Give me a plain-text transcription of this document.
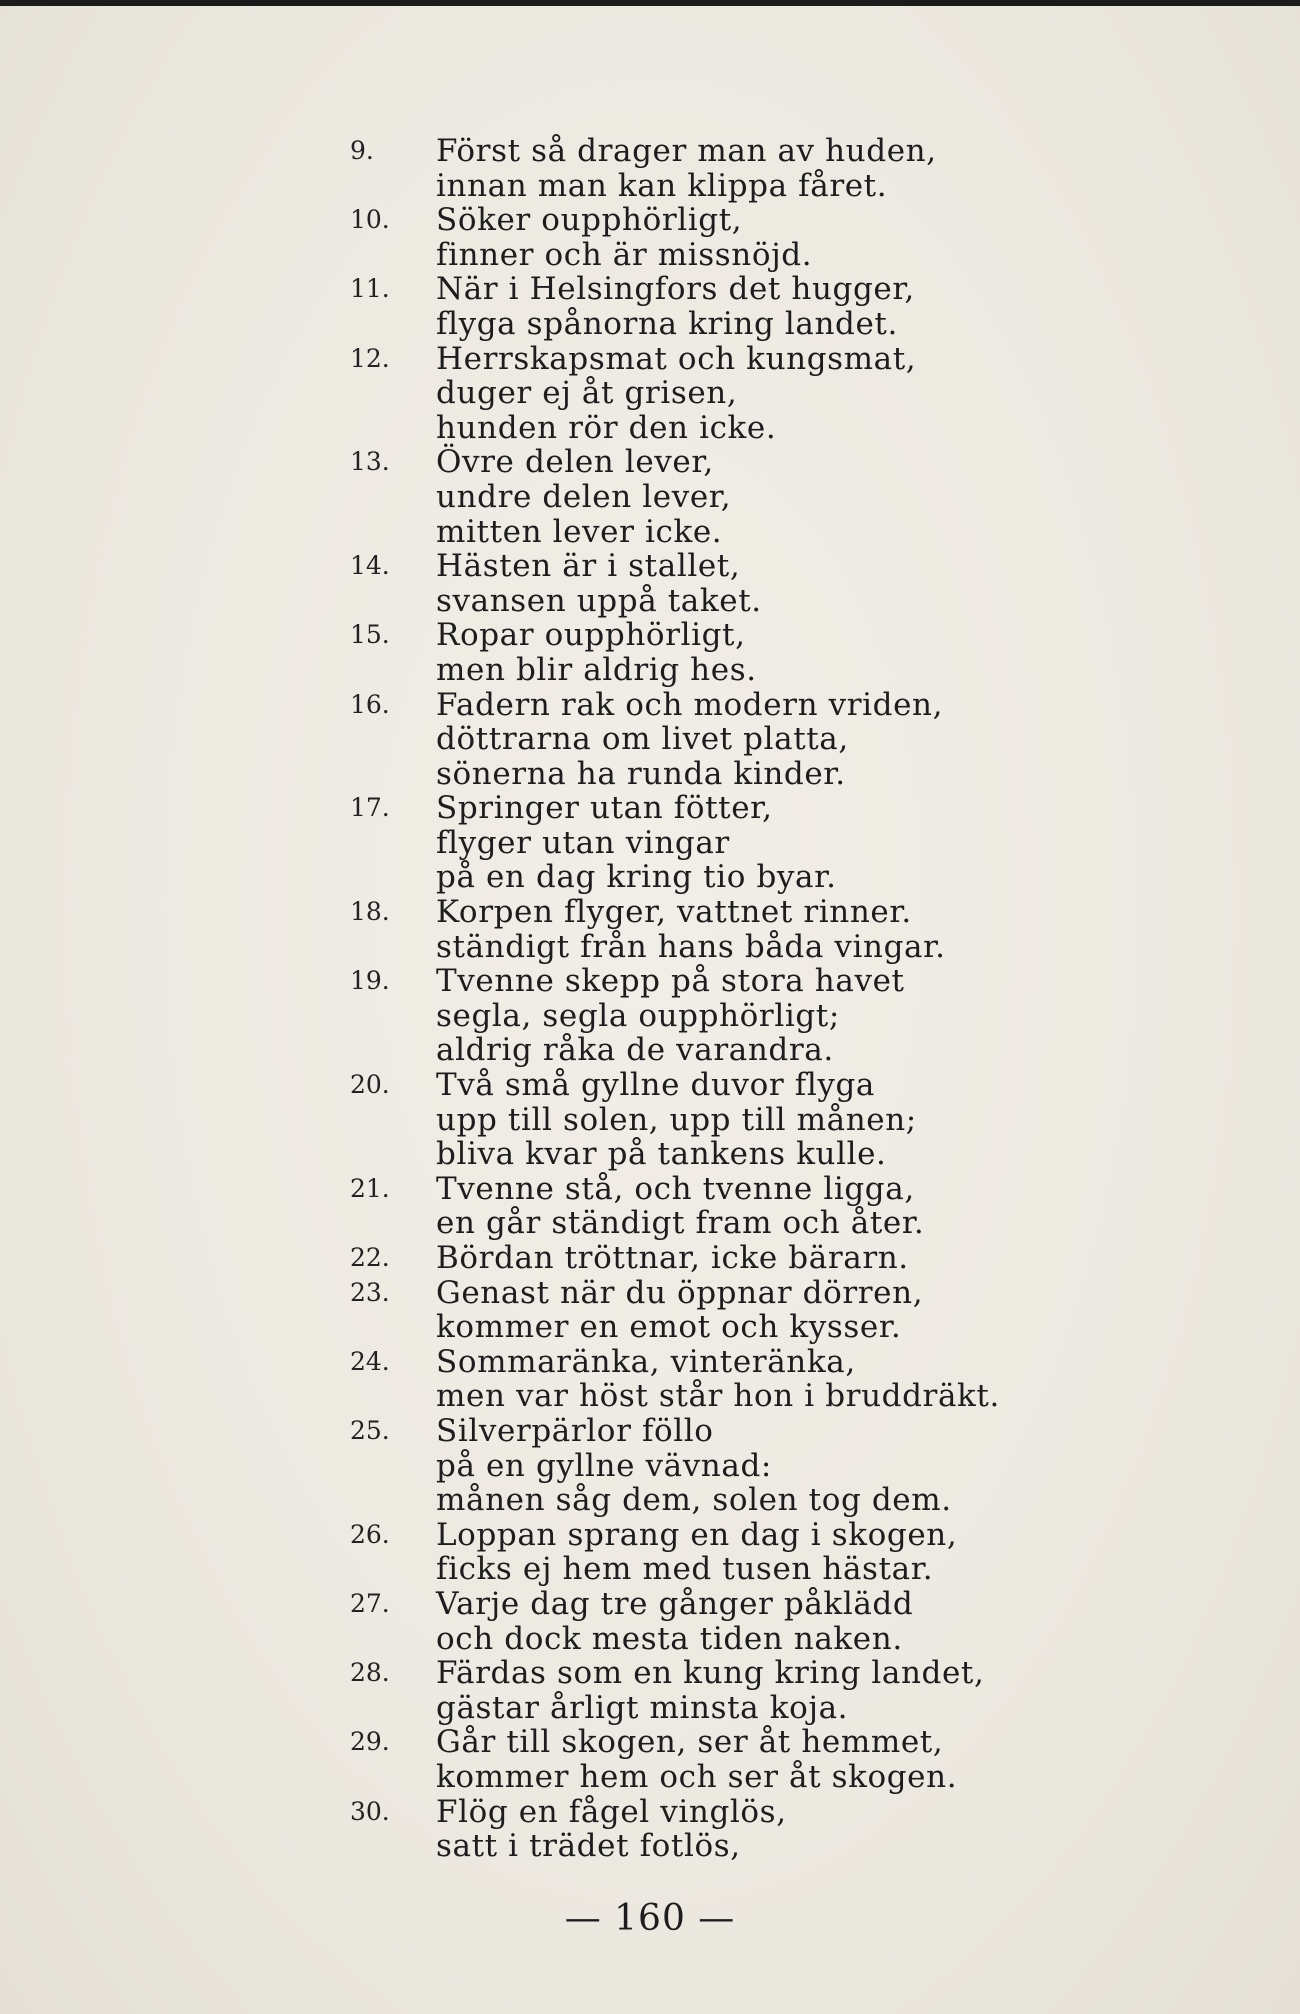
9. Först så drager man av huden,
innan man kan klippa fåret.
10. Söker oupphörligt,
finner och är missnöjd.
11. När i Helsingfors det hugger,
flyga spånorna kring landet.
12. Herrskapsmat och kungsmat,
duger ej åt grisen,
hunden rör den icke.
13. Övre delen lever,
undre delen lever,
mitten lever icke.
14. Hästen är i stallet,
svansen uppå taket.
15. Ropar oupphörligt,
men blir aldrig hes.
16. Fadern rak och modern vriden,
döttrarna om livet platta,
sönerna ha runda kinder.
17. Springer utan fötter,
flyger utan vingar
på en dag kring tio byar.
18. Korpen flyger, vattnet rinner.
ständigt från hans båda vingar.
19. Tvenne skepp på stora havet
segla, segla oupphörligt;
aldrig råka de varandra.
20. Två små gyllne duvor flyga
upp till solen, upp till månen;
bliva kvar på tankens kulle.
21. Tvenne stå, och tvenne ligga,
en går ständigt fram och åter.
22. Bördan tröttnar, icke bärarn.
23. Genast när du öppnar dörren,
kommer en emot och kysser.
24. Sommaränka, vinteränka,
men var höst står hon i bruddräkt.
25. Silverpärlor föllo
på en gyllne vävnad:
månen såg dem, solen tog dem.
26. Loppan sprang en dag i skogen,
ficks ej hem med tusen hästar.
27. Varje dag tre gånger påklädd
och dock mesta tiden naken.
28. Färdas som en kung kring landet,
gästar årligt minsta koja.
29. Går till skogen, ser åt hemmet,
kommer hem och ser åt skogen.
30. Flög en fågel vinglös,
satt i trädet fotlös,
— 160 —
